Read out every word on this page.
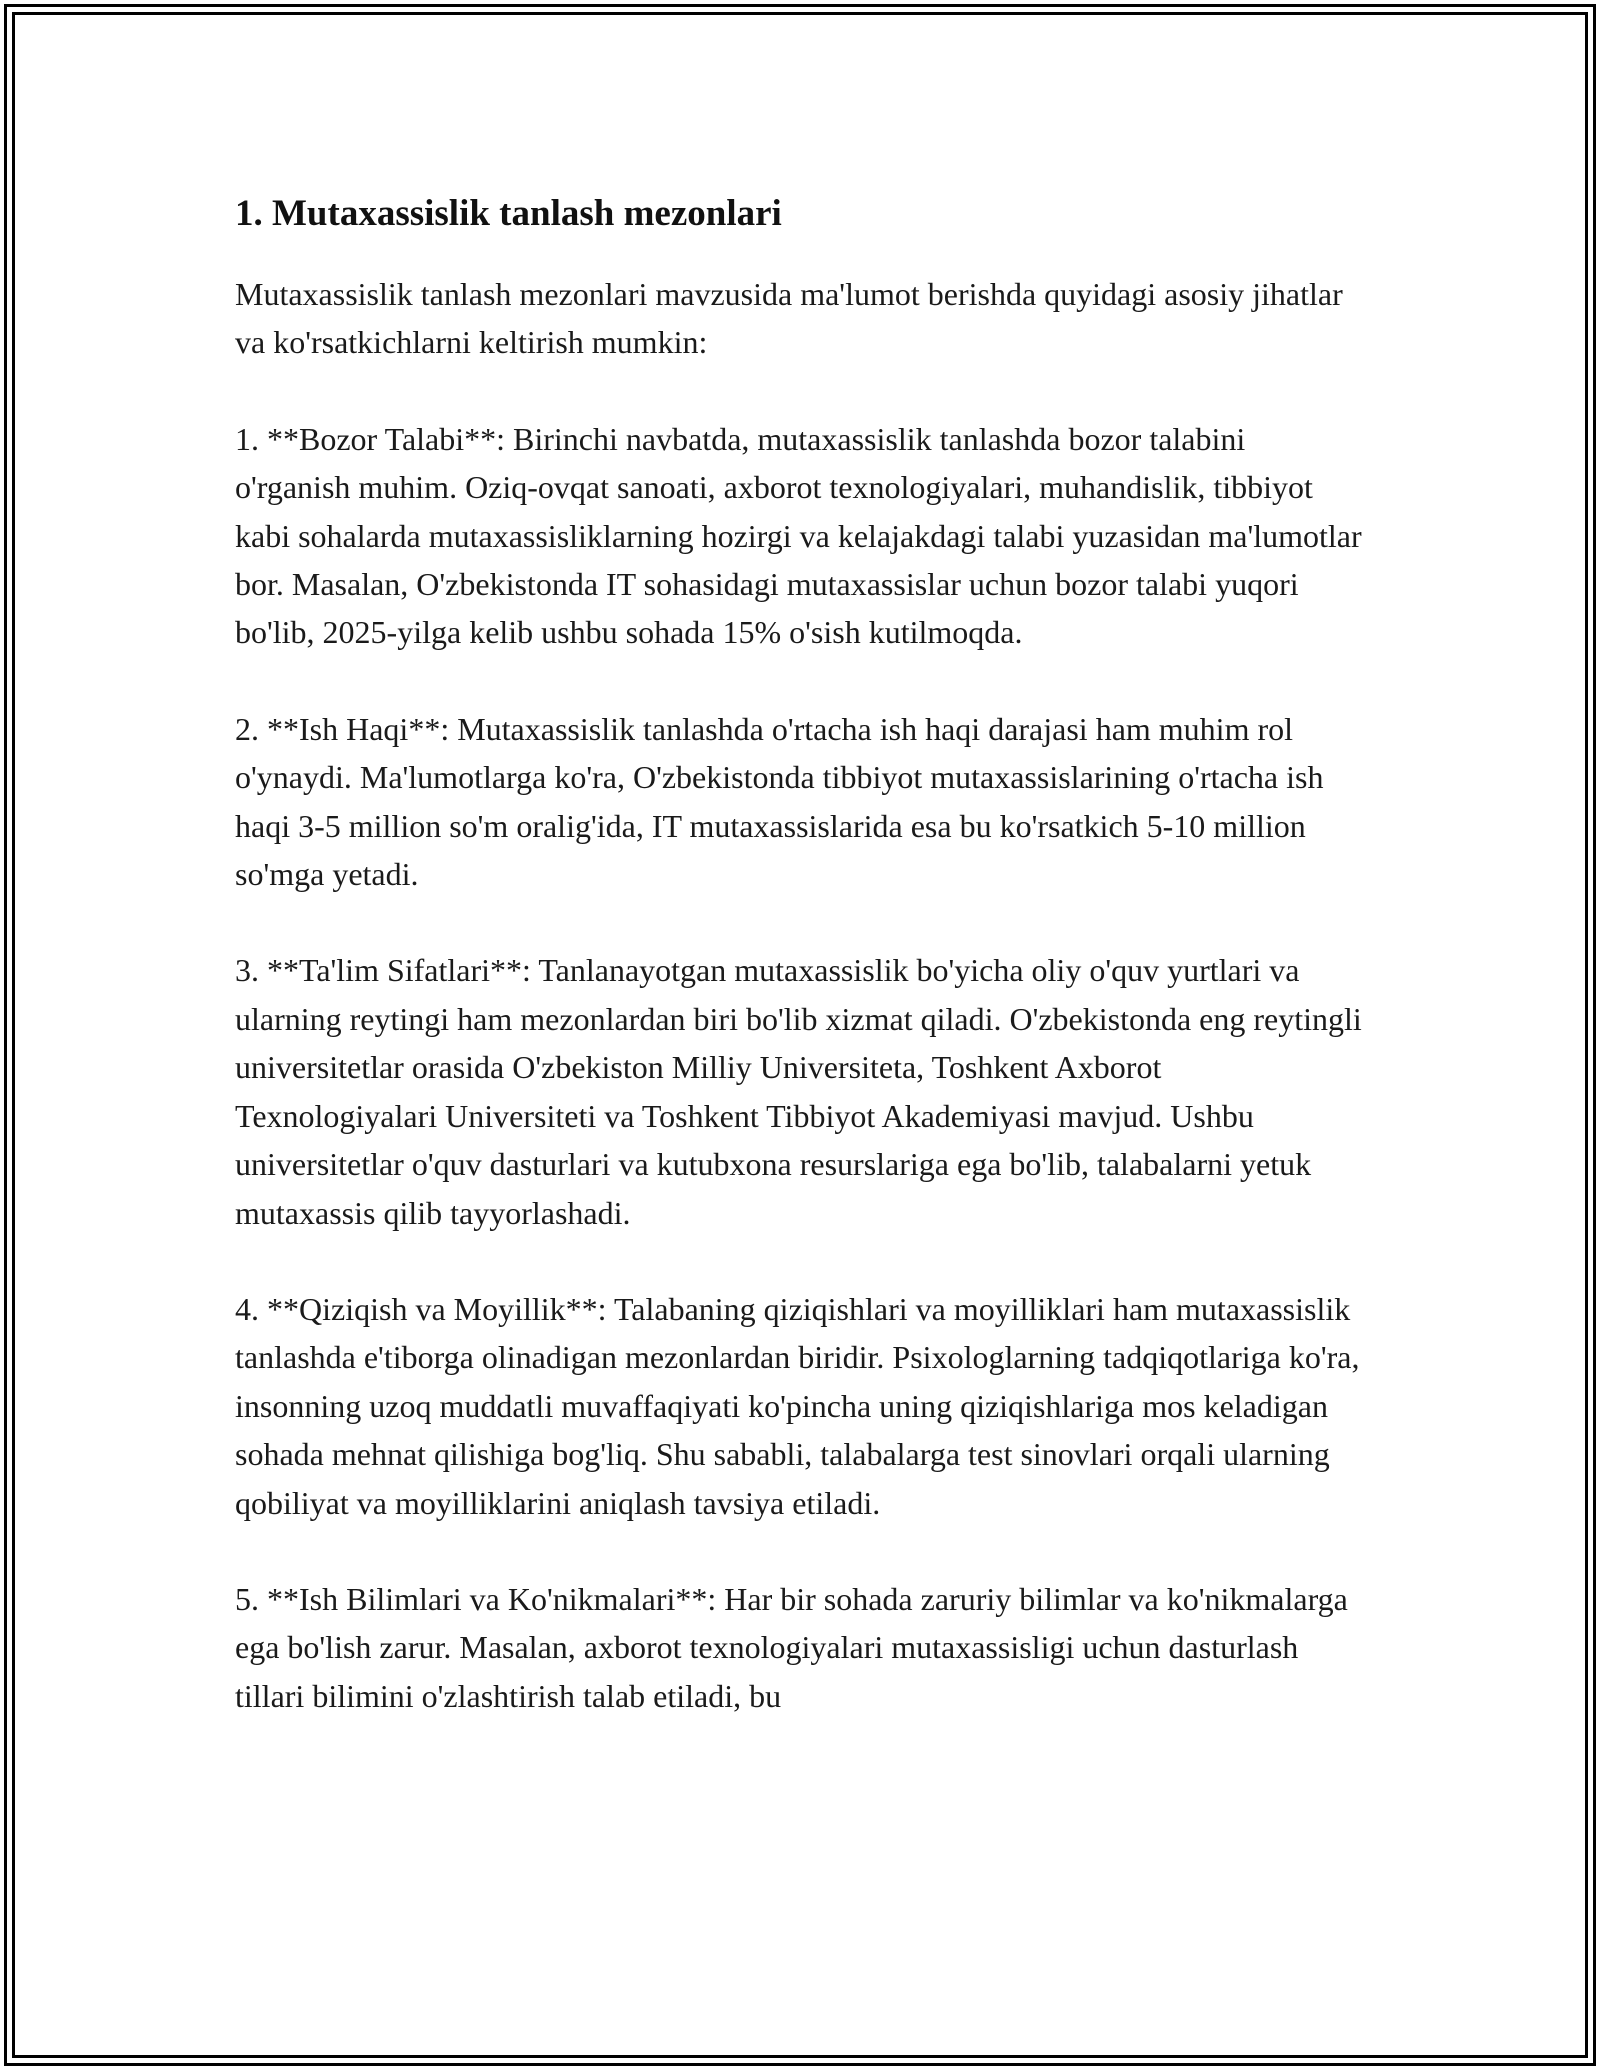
1. Mutaxassislik tanlash mezonlari

Mutaxassislik tanlash mezonlari mavzusida ma'lumot berishda quyidagi asosiy jihatlar va ko'rsatkichlarni keltirish mumkin:

1. **Bozor Talabi**: Birinchi navbatda, mutaxassislik tanlashda bozor talabini o'rganish muhim. Oziq-ovqat sanoati, axborot texnologiyalari, muhandislik, tibbiyot kabi sohalarda mutaxassisliklarning hozirgi va kelajakdagi talabi yuzasidan ma'lumotlar bor. Masalan, O'zbekistonda IT sohasidagi mutaxassislar uchun bozor talabi yuqori bo'lib, 2025-yilga kelib ushbu sohada 15% o'sish kutilmoqda.

2. **Ish Haqi**: Mutaxassislik tanlashda o'rtacha ish haqi darajasi ham muhim rol o'ynaydi. Ma'lumotlarga ko'ra, O'zbekistonda tibbiyot mutaxassislarining o'rtacha ish haqi 3-5 million so'm oralig'ida, IT mutaxassislarida esa bu ko'rsatkich 5-10 million so'mga yetadi.

3. **Ta'lim Sifatlari**: Tanlanayotgan mutaxassislik bo'yicha oliy o'quv yurtlari va ularning reytingi ham mezonlardan biri bo'lib xizmat qiladi. O'zbekistonda eng reytingli universitetlar orasida O'zbekiston Milliy Universiteta, Toshkent Axborot Texnologiyalari Universiteti va Toshkent Tibbiyot Akademiyasi mavjud. Ushbu universitetlar o'quv dasturlari va kutubxona resurslariga ega bo'lib, talabalarni yetuk mutaxassis qilib tayyorlashadi.

4. **Qiziqish va Moyillik**: Talabaning qiziqishlari va moyilliklari ham mutaxassislik tanlashda e'tiborga olinadigan mezonlardan biridir. Psixologlarning tadqiqotlariga ko'ra, insonning uzoq muddatli muvaffaqiyati ko'pincha uning qiziqishlariga mos keladigan sohada mehnat qilishiga bog'liq. Shu sababli, talabalarga test sinovlari orqali ularning qobiliyat va moyilliklarini aniqlash tavsiya etiladi.

5. **Ish Bilimlari va Ko'nikmalari**: Har bir sohada zaruriy bilimlar va ko'nikmalarga ega bo'lish zarur. Masalan, axborot texnologiyalari mutaxassisligi uchun dasturlash tillari bilimini o'zlashtirish talab etiladi, bu
